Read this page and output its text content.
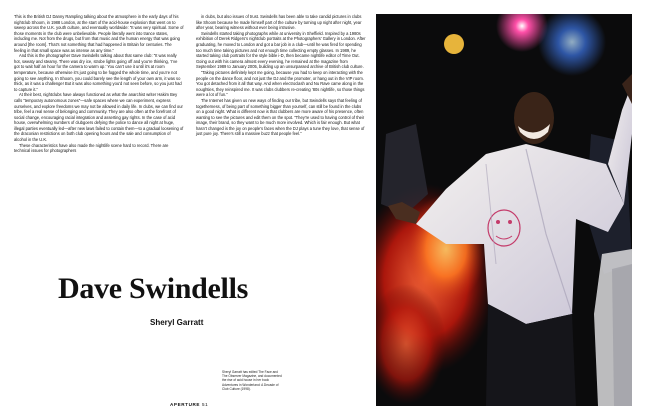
This is the British DJ Danny Rampling talking about the atmosphere in the early days of his nightclub Shoom, in 1988 London, at the start of the acid-house explosion that went on to sweep across the U.K. youth culture, and eventually worldwide: “It was very spiritual. Some of those moments in the club were unbelievable. People literally went into trance states, including me. Not from the drugs, but from that music and the human energy that was going around [the room]. That’s not something that had happened in Britain for centuries. The feeling in that small space was as intense as any time.”

And this is the photographer Dave Swindells talking about that same club: “It was really hot, sweaty and steamy. There was dry ice, strobe lights going off and you’re thinking, ‘I’ve got to wait half an hour for the camera to warm up.’ You can’t use it until it’s at room temperature, because otherwise it’s just going to be fogged the whole time, and you’re not going to see anything. In Shoom, you could barely see the length of your own arm, it was so thick, as it was a challenge! But it was also something you’d not seen before, so you just had to capture it.”

At their best, nightclubs have always functioned as what the anarchist writer Hakim Bey calls “temporary autonomous zones”—safe spaces where we can experiment, express ourselves, and explore freedoms we may not be allowed in daily life. In clubs, we can find our tribe, feel a real sense of belonging and community. They are also often at the forefront of social change, encouraging racial integration and asserting gay rights. In the case of acid house, overwhelming numbers of clubgoers defying the police to dance all night at huge, illegal parties eventually led—after new laws failed to contain them—to a gradual loosening of the draconian restrictions on both club opening hours and the sale and consumption of alcohol in the U.K.

These characteristics have also made the nightlife scene hard to record. There are technical issues for photographers

in clubs, but also issues of trust. Swindells has been able to take candid pictures in clubs like Shoom because he made himself part of the culture by turning up night after night, year after year, bearing witness without ever being intrusive.

Swindells started taking photographs while at university in Sheffield. Inspired by a 1980s exhibition of Derek Ridgers’s nightclub portraits at the Photographers’ Gallery in London. After graduating, he moved to London and got a bar job in a club—until he was fired for spending too much time taking pictures and not enough time collecting empty glasses. In 1989, he started taking club portraits for the style bible i-D, then became nightlife editor of Time Out. Going out with his camera almost every evening, he remained at the magazine from September 1989 to January 2005, building up an unsurpassed archive of British club culture.

“Taking pictures definitely kept me going, because you had to keep on interacting with the people on the dance floor, and not just the DJ and the promoter, or hang out in the VIP room. You got detached from it all that way. And when electroclash and Nu Rave came along in the noughties, they reinspired me. It was clubs clubbers re-creating ‘80s nightlife, so those things were a lot of fun.”

The Internet has given us new ways of finding our tribe, but Swindells says that feeling of togetherness, of being part of something bigger than yourself, can still be found in the clubs on a good night. What is different now is that clubbers are more aware of his presence, often wanting to see the pictures and edit them on the spot. “They’re used to having control of their image, their brand, so they want to be much more involved. Which is fair enough. But what hasn’t changed is the joy on people’s faces when the DJ plays a tune they love, that sense of just pure joy. There’s still a massive buzz that people feel.”

Dave Swindells
Sheryl Garratt
Sheryl Garratt has edited The Face and The Observer Magazine, and documented the rise of acid house in her book Adventures in Wonderland: A Decade of Club Culture (1998).
APERTURE 51
